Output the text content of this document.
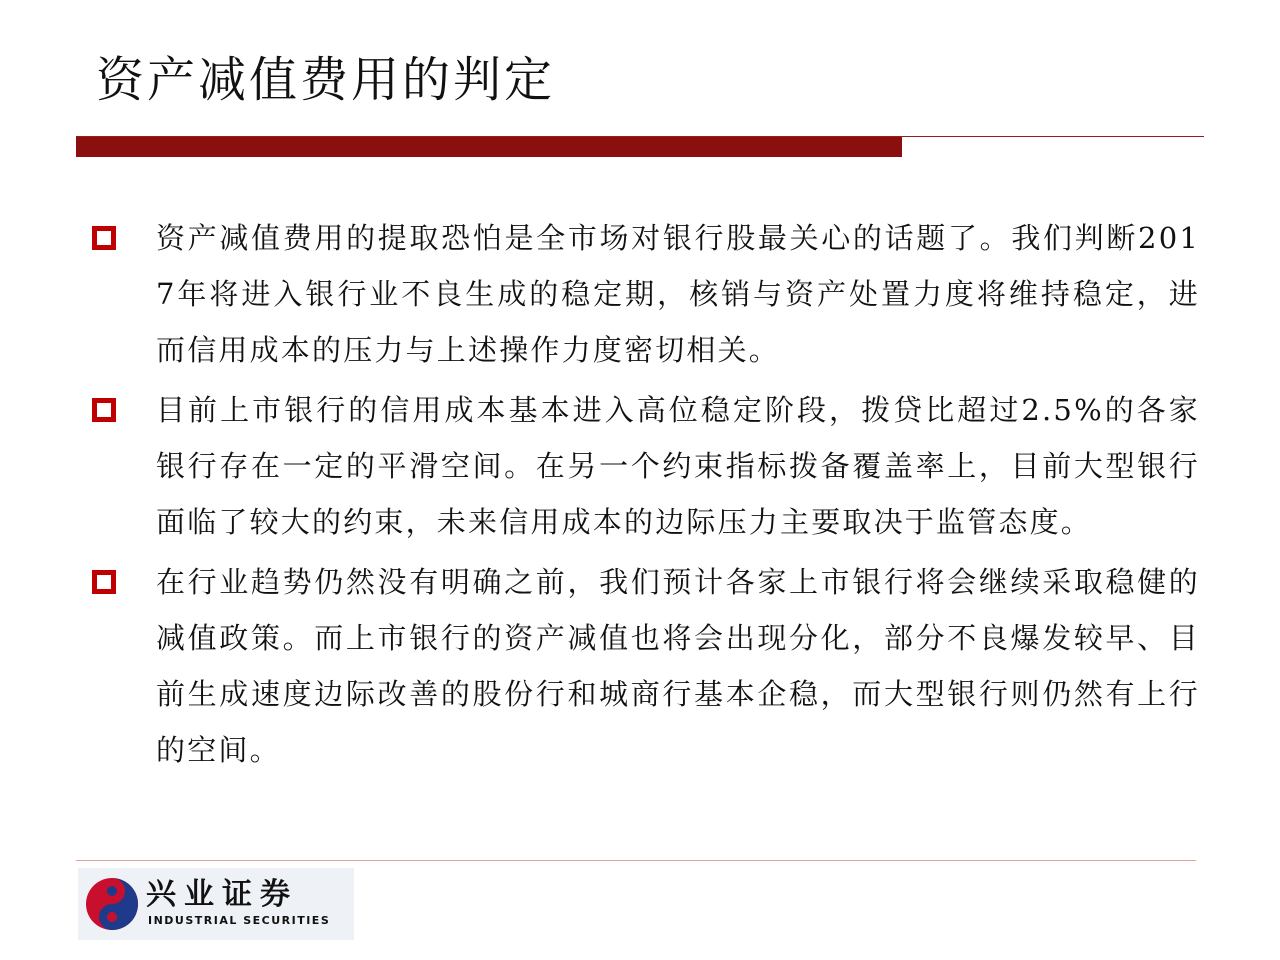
资产减值费用的判定
资产减值费用的提取恐怕是全市场对银行股最关心的话题了。我们判断2017年将进入银行业不良生成的稳定期，核销与资产处置力度将维持稳定，进而信用成本的压力与上述操作力度密切相关。
目前上市银行的信用成本基本进入高位稳定阶段，拨贷比超过2.5%的各家银行存在一定的平滑空间。在另一个约束指标拨备覆盖率上，目前大型银行面临了较大的约束，未来信用成本的边际压力主要取决于监管态度。
在行业趋势仍然没有明确之前，我们预计各家上市银行将会继续采取稳健的减值政策。而上市银行的资产减值也将会出现分化，部分不良爆发较早、目前生成速度边际改善的股份行和城商行基本企稳，而大型银行则仍然有上行的空间。
兴业证券
INDUSTRIAL SECURITIES
